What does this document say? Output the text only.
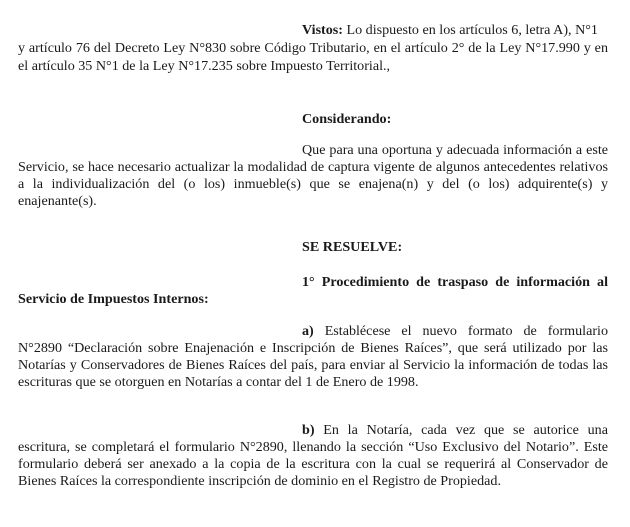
Vistos: Lo dispuesto en los artículos 6, letra A), N°1
y artículo 76 del Decreto Ley N°830 sobre Código Tributario, en el artículo 2° de la Ley N°17.990 y en
el artículo 35 N°1 de la Ley N°17.235 sobre Impuesto Territorial.,
Considerando:
Que para una oportuna y adecuada información a este
Servicio, se hace necesario actualizar la modalidad de captura vigente de algunos antecedentes relativos
a la individualización del (o los) inmueble(s) que se enajena(n) y del (o los) adquirente(s) y
enajenante(s).
SE RESUELVE:
1° Procedimiento de traspaso de información al
Servicio de Impuestos Internos:
a) Establécese el nuevo formato de formulario
N°2890 “Declaración sobre Enajenación e Inscripción de Bienes Raíces”, que será utilizado por las
Notarías y Conservadores de Bienes Raíces del país, para enviar al Servicio la información de todas las
escrituras que se otorguen en Notarías a contar del 1 de Enero de 1998.
b) En la Notaría, cada vez que se autorice una
escritura, se completará el formulario N°2890, llenando la sección “Uso Exclusivo del Notario”. Este
formulario deberá ser anexado a la copia de la escritura con la cual se requerirá al Conservador de
Bienes Raíces la correspondiente inscripción de dominio en el Registro de Propiedad.
